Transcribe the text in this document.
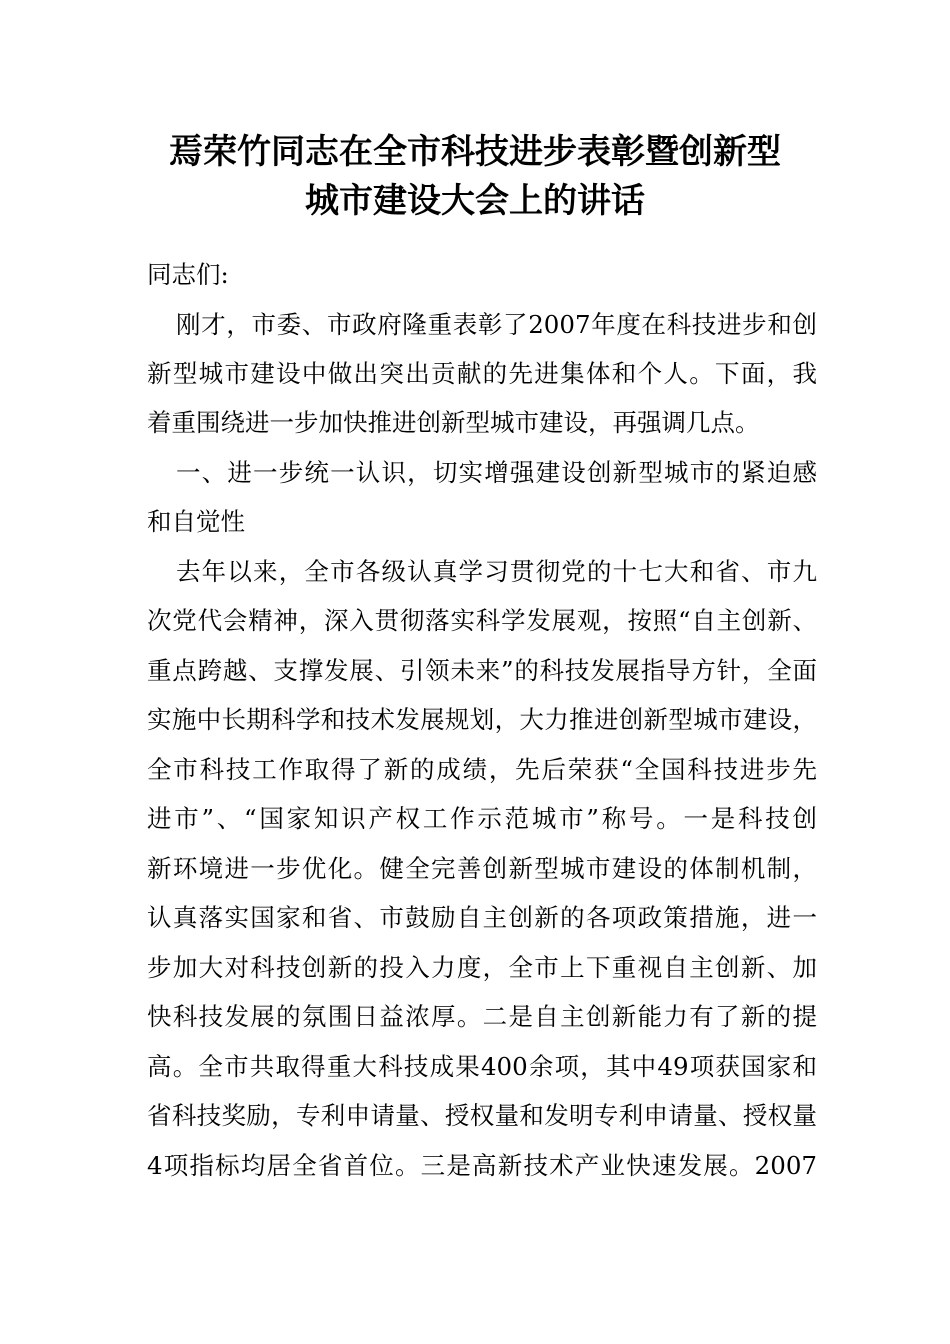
焉荣竹同志在全市科技进步表彰暨创新型
城市建设大会上的讲话

同志们:

刚才，市委、市政府隆重表彰了2007年度在科技进步和创

新型城市建设中做出突出贡献的先进集体和个人。下面，我

着重围绕进一步加快推进创新型城市建设，再强调几点。

一、进一步统一认识，切实增强建设创新型城市的紧迫感

和自觉性

去年以来，全市各级认真学习贯彻党的十七大和省、市九

次党代会精神，深入贯彻落实科学发展观，按照“自主创新、

重点跨越、支撑发展、引领未来”的科技发展指导方针，全面

实施中长期科学和技术发展规划，大力推进创新型城市建设，

全市科技工作取得了新的成绩，先后荣获“全国科技进步先

进市”、“国家知识产权工作示范城市”称号。一是科技创

新环境进一步优化。健全完善创新型城市建设的体制机制，

认真落实国家和省、市鼓励自主创新的各项政策措施，进一

步加大对科技创新的投入力度，全市上下重视自主创新、加

快科技发展的氛围日益浓厚。二是自主创新能力有了新的提

高。全市共取得重大科技成果400余项，其中49项获国家和

省科技奖励，专利申请量、授权量和发明专利申请量、授权量

4项指标均居全省首位。三是高新技术产业快速发展。2007
